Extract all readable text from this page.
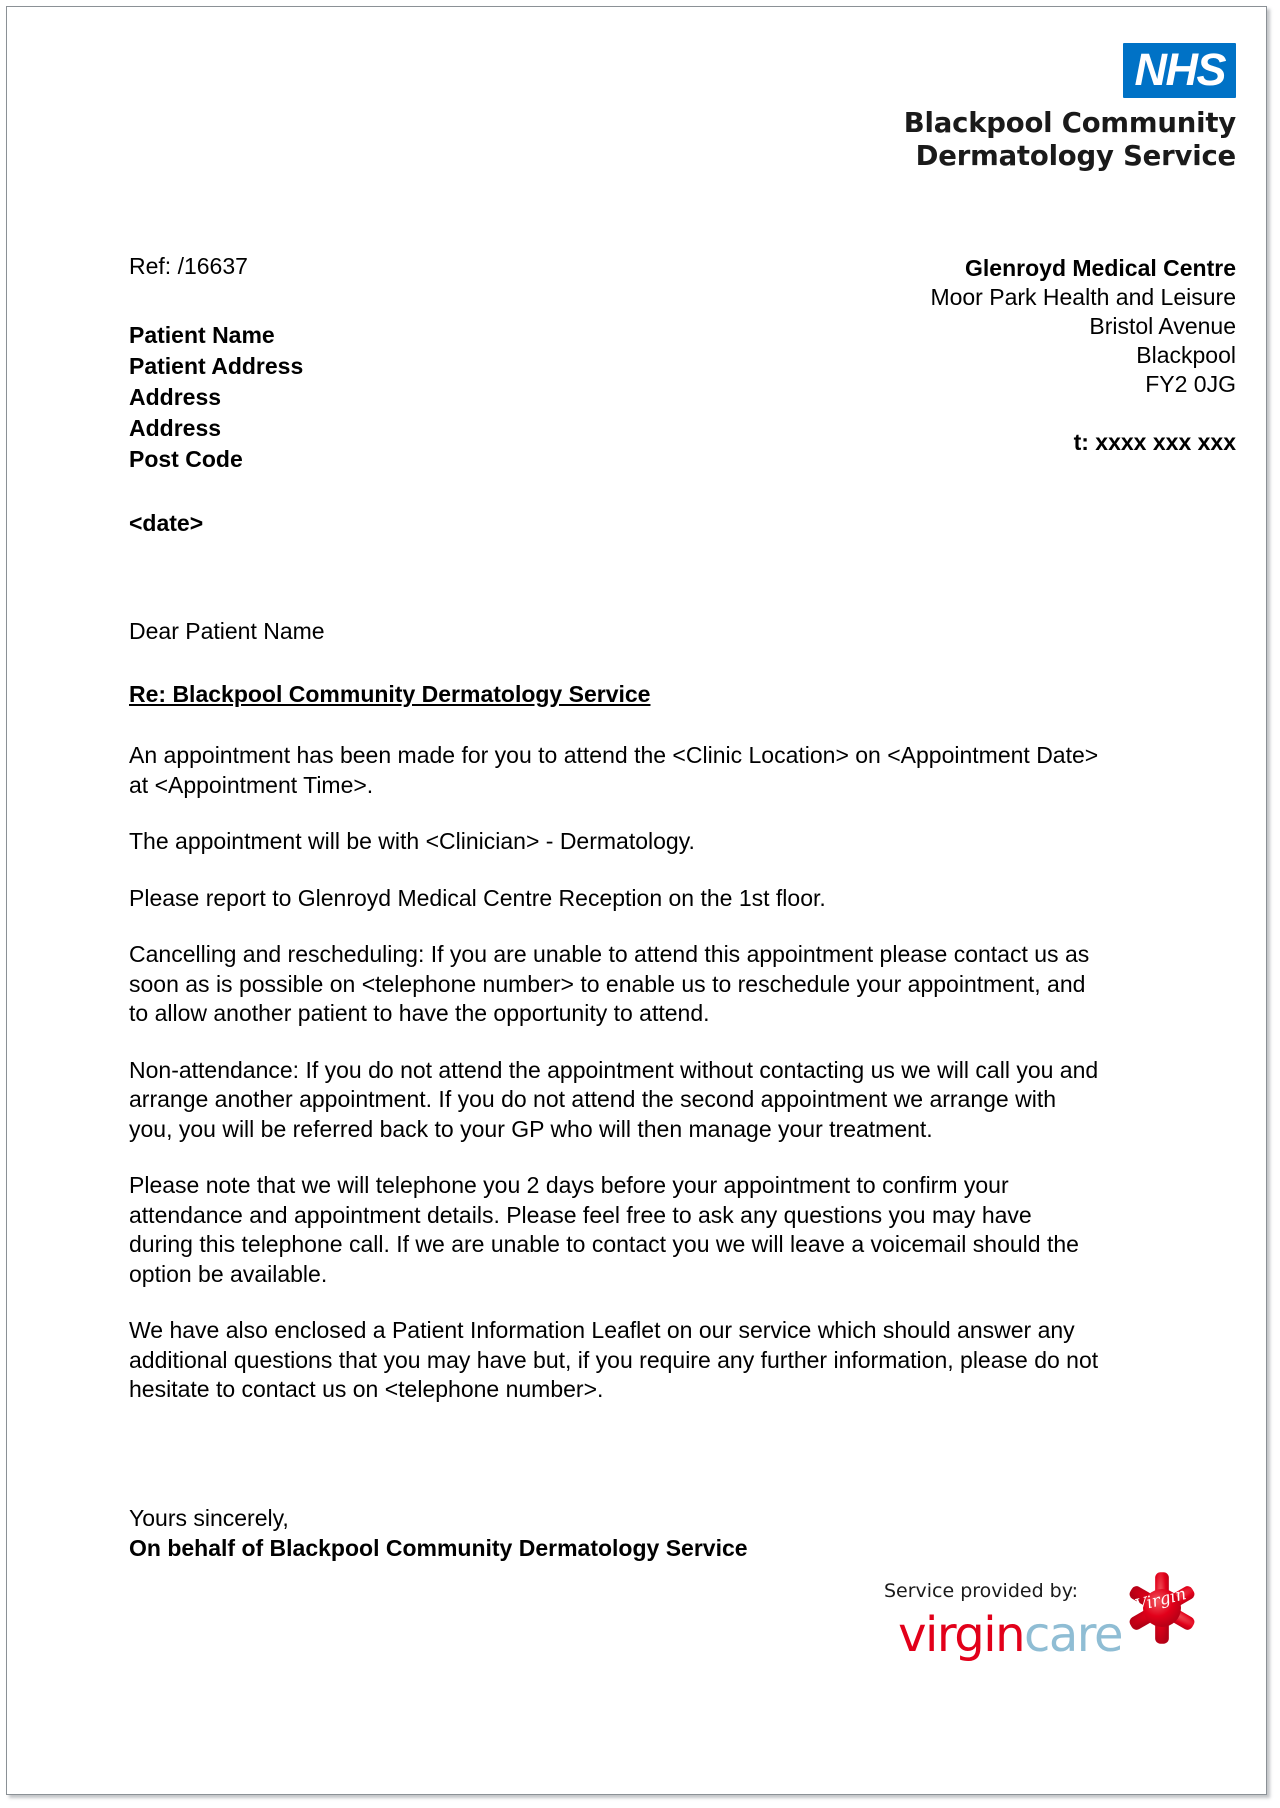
NHS
Blackpool Community
Dermatology Service
Ref: /16637
Patient Name
Patient Address
Address
Address
Post Code
<date>
Glenroyd Medical Centre
Moor Park Health and Leisure
Bristol Avenue
Blackpool
FY2 0JG
t: xxxx xxx xxx

Dear Patient Name

Re: Blackpool Community Dermatology Service

An appointment has been made for you to attend the <Clinic Location> on <Appointment Date> at <Appointment Time>.

The appointment will be with <Clinician> - Dermatology.

Please report to Glenroyd Medical Centre Reception on the 1st floor.

Cancelling and rescheduling: If you are unable to attend this appointment please contact us as soon as is possible on <telephone number> to enable us to reschedule your appointment, and to allow another patient to have the opportunity to attend.

Non-attendance: If you do not attend the appointment without contacting us we will call you and arrange another appointment. If you do not attend the second appointment we arrange with you, you will be referred back to your GP who will then manage your treatment.

Please note that we will telephone you 2 days before your appointment to confirm your attendance and appointment details. Please feel free to ask any questions you may have during this telephone call. If we are unable to contact you we will leave a voicemail should the option be available.

We have also enclosed a Patient Information Leaflet on our service which should answer any additional questions that you may have but, if you require any further information, please do not hesitate to contact us on <telephone number>.

Yours sincerely,
On behalf of Blackpool Community Dermatology Service
Service provided by:
virgincare
Virgin
